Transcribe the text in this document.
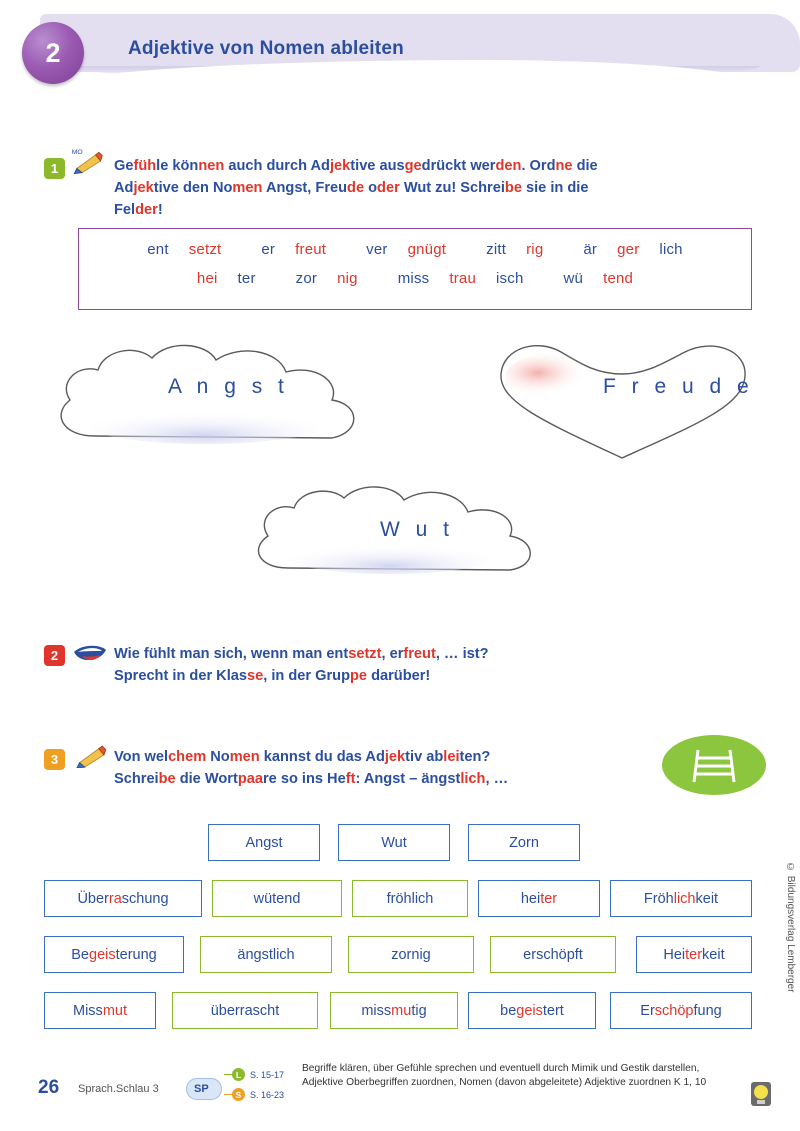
2	Adjektive von Nomen ableiten
1
MO
Gefühle können auch durch Adjektive ausgedrückt werden. Ordne die
Adjektive den Nomen Angst, Freude oder Wut zu! Schreibe sie in die
Felder!
ent setzt	er freut	ver gnügt	zitt rig	är ger lich
hei ter	zor nig	miss trau isch	wü tend
A n g s t	F r e u d e
W u t
2	Wie fühlt man sich, wenn man entsetzt, erfreut, … ist?
Sprecht in der Klasse, in der Gruppe darüber!
3	Von welchem Nomen kannst du das Adjektiv ableiten?
Schreibe die Wortpaare so ins Heft: Angst – ängstlich, …
Angst	Wut	Zorn
Über ra schung	wü tend	fröh lich	hei ter	Fröh lich keit
Be geis te rung	ängst lich	zor nig	er schöpft	Hei ter keit
Miss mut	über rascht	miss mu tig	be geis tert	Er schöp fung
© Bildungsverlag Lemberger
26 Sprach.Schlau 3	SP
L S. 15-17
S S. 16-23
Begriffe klären, über Gefühle sprechen und eventuell durch Mimik und Gestik darstellen, Adjektive Oberbegriffen zuordnen, Nomen (davon abgeleitete) Adjektive zuordnen K 1, 10
